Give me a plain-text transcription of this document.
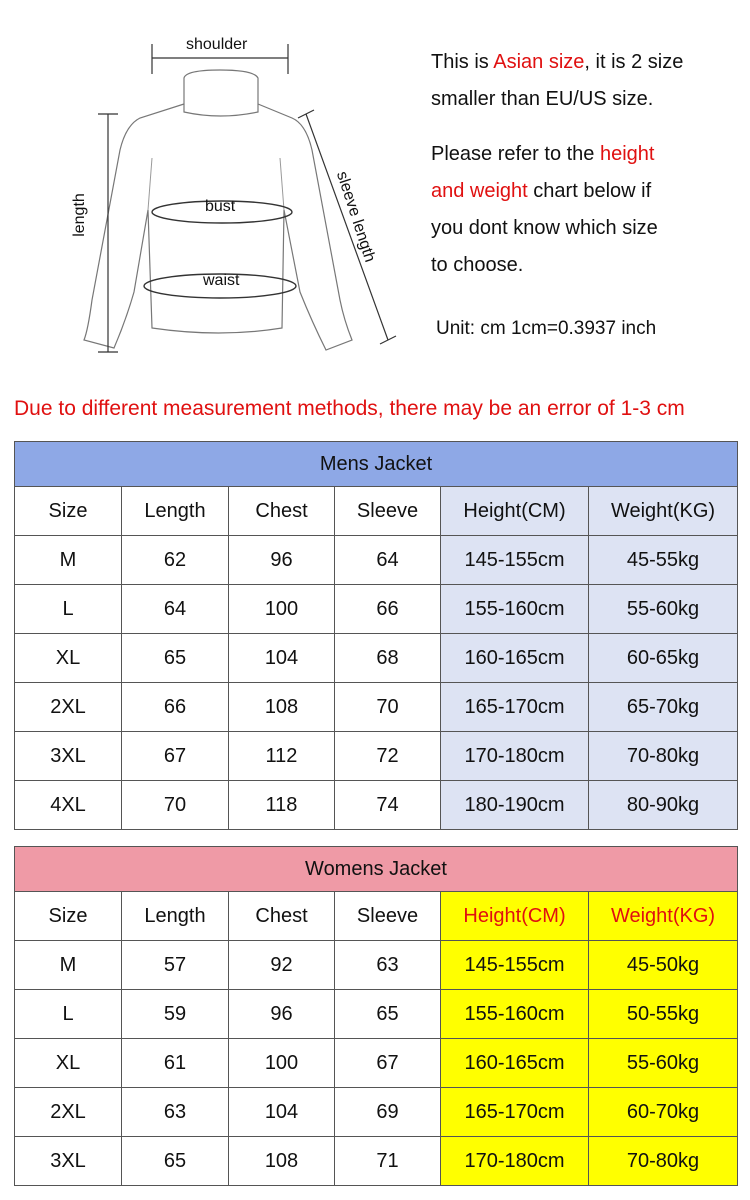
shoulder
length	bust
waist
sleeve length
This is Asian size, it is 2 size
smaller than EU/US size.
Please refer to the height
and weight chart below if
you dont know which size
to choose.
Unit: cm 1cm=0.3937 inch
Due to different measurement methods, there may be an error of 1-3 cm
Mens Jacket					
Size	Length	Chest	Sleeve	Height(CM)	Weight(KG)
M	62	96	64	145-155cm	45-55kg
L	64	100	66	155-160cm	55-60kg
XL	65	104	68	160-165cm	60-65kg
2XL	66	108	70	165-170cm	65-70kg
3XL	67	112	72	170-180cm	70-80kg
4XL	70	118	74	180-190cm	80-90kg
Womens Jacket					
Size	Length	Chest	Sleeve	Height(CM)	Weight(KG)
M	57	92	63	145-155cm	45-50kg
L	59	96	65	155-160cm	50-55kg
XL	61	100	67	160-165cm	55-60kg
2XL	63	104	69	165-170cm	60-70kg
3XL	65	108	71	170-180cm	70-80kg
